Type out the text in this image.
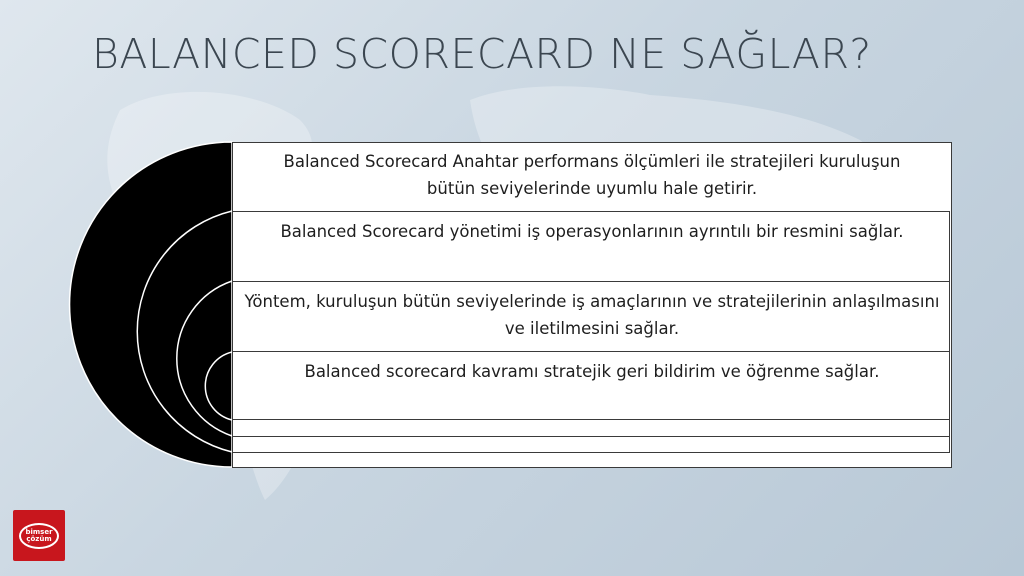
BALANCED SCORECARD NE SAĞLAR?
Balanced Scorecard Anahtar performans ölçümleri ile stratejileri kuruluşun bütün seviyelerinde uyumlu hale getirir.
Balanced Scorecard yönetimi iş operasyonlarının ayrıntılı bir resmini sağlar.
Yöntem, kuruluşun bütün seviyelerinde iş amaçlarının ve stratejilerinin anlaşılmasını ve iletilmesini sağlar.
Balanced scorecard kavramı stratejik geri bildirim ve öğrenme sağlar.
bimser
çözüm
